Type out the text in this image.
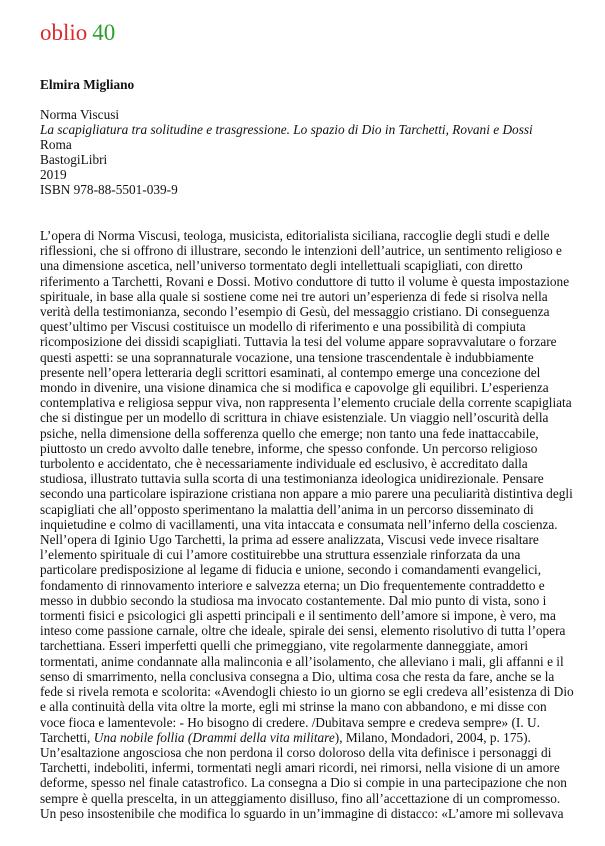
oblio 40
Elmira Migliano
Norma Viscusi
La scapigliatura tra solitudine e trasgressione. Lo spazio di Dio in Tarchetti, Rovani e Dossi
Roma
BastogiLibri
2019
ISBN 978-88-5501-039-9
L’opera di Norma Viscusi, teologa, musicista, editorialista siciliana, raccoglie degli studi e delle riflessioni, che si offrono di illustrare, secondo le intenzioni dell’autrice, un sentimento religioso e una dimensione ascetica, nell’universo tormentato degli intellettuali scapigliati, con diretto riferimento a Tarchetti, Rovani e Dossi. Motivo conduttore di tutto il volume è questa impostazione spirituale, in base alla quale si sostiene come nei tre autori un’esperienza di fede si risolva nella verità della testimonianza, secondo l’esempio di Gesù, del messaggio cristiano. Di conseguenza quest’ultimo per Viscusi costituisce un modello di riferimento e una possibilità di compiuta ricomposizione dei dissidi scapigliati. Tuttavia la tesi del volume appare sopravvalutare o forzare questi aspetti: se una soprannaturale vocazione, una tensione trascendentale è indubbiamente presente nell’opera letteraria degli scrittori esaminati, al contempo emerge una concezione del mondo in divenire, una visione dinamica che si modifica e capovolge gli equilibri. L’esperienza contemplativa e religiosa seppur viva, non rappresenta l’elemento cruciale della corrente scapigliata che si distingue per un modello di scrittura in chiave esistenziale. Un viaggio nell’oscurità della psiche, nella dimensione della sofferenza quello che emerge; non tanto una fede inattaccabile, piuttosto un credo avvolto dalle tenebre, informe, che spesso confonde. Un percorso religioso turbolento e accidentato, che è necessariamente individuale ed esclusivo, è accreditato dalla studiosa, illustrato tuttavia sulla scorta di una testimonianza ideologica unidirezionale. Pensare secondo una particolare ispirazione cristiana non appare a mio parere una peculiarità distintiva degli scapigliati che all’opposto sperimentano la malattia dell’anima in un percorso disseminato di inquietudine e colmo di vacillamenti, una vita intaccata e consumata nell’inferno della coscienza. Nell’opera di Iginio Ugo Tarchetti, la prima ad essere analizzata, Viscusi vede invece risaltare l’elemento spirituale di cui l’amore costituirebbe una struttura essenziale rinforzata da una particolare predisposizione al legame di fiducia e unione, secondo i comandamenti evangelici, fondamento di rinnovamento interiore e salvezza eterna; un Dio frequentemente contraddetto e messo in dubbio secondo la studiosa ma invocato costantemente. Dal mio punto di vista, sono i tormenti fisici e psicologici gli aspetti principali e il sentimento dell’amore si impone, è vero, ma inteso come passione carnale, oltre che ideale, spirale dei sensi, elemento risolutivo di tutta l’opera tarchettiana. Esseri imperfetti quelli che primeggiano, vite regolarmente danneggiate, amori tormentati, anime condannate alla malinconia e all’isolamento, che alleviano i mali, gli affanni e il senso di smarrimento, nella conclusiva consegna a Dio, ultima cosa che resta da fare, anche se la fede si rivela remota e scolorita: «Avendogli chiesto io un giorno se egli credeva all’esistenza di Dio e alla continuità della vita oltre la morte, egli mi strinse la mano con abbandono, e mi disse con voce fioca e lamentevole: - Ho bisogno di credere. /Dubitava sempre e credeva sempre» (I. U. Tarchetti, Una nobile follia (Drammi della vita militare), Milano, Mondadori, 2004, p. 175). Un’esaltazione angosciosa che non perdona il corso doloroso della vita definisce i personaggi di Tarchetti, indeboliti, infermi, tormentati negli amari ricordi, nei rimorsi, nella visione di un amore deforme, spesso nel finale catastrofico. La consegna a Dio si compie in una partecipazione che non sempre è quella prescelta, in un atteggiamento disilluso, fino all’accettazione di un compromesso. Un peso insostenibile che modifica lo sguardo in un’immagine di distacco: «L’amore mi sollevava
